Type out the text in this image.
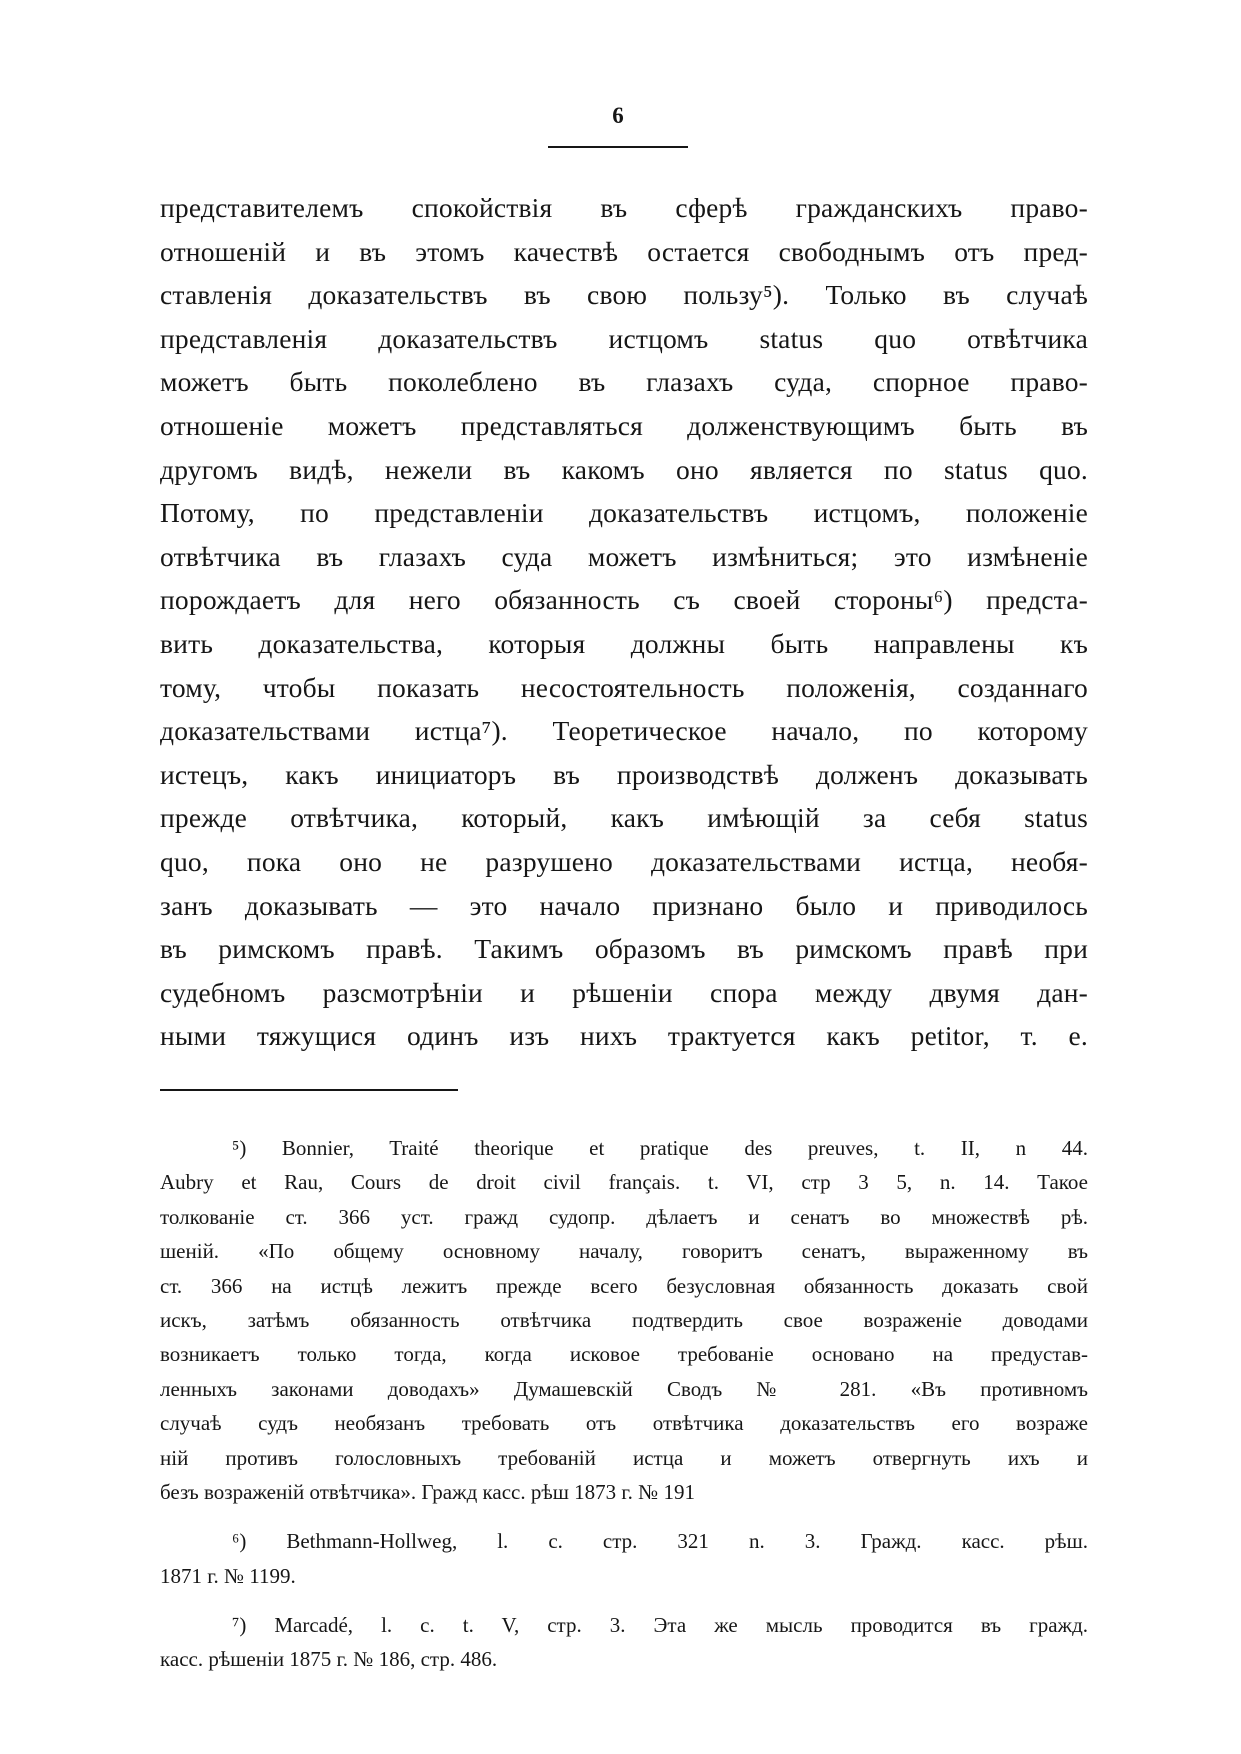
6
представителемъ спокойствія въ сферѣ гражданскихъ право-
отношеній и въ этомъ качествѣ остается свободнымъ отъ пред-
ставленія доказательствъ въ свою пользу⁵). Только въ случаѣ
представленія доказательствъ истцомъ status quo отвѣтчика
можетъ быть поколеблено въ глазахъ суда, спорное право-
отношеніе можетъ представляться долженствующимъ быть въ
другомъ видѣ, нежели въ какомъ оно является по status quo.
Потому, по представленіи доказательствъ истцомъ, положеніе
отвѣтчика въ глазахъ суда можетъ измѣниться; это измѣненіе
порождаетъ для него обязанность съ своей стороны⁶) предста-
вить доказательства, которыя должны быть направлены къ
тому, чтобы показать несостоятельность положенія, созданнаго
доказательствами истца⁷). Теоретическое начало, по которому
истецъ, какъ инициаторъ въ производствѣ долженъ доказывать
прежде отвѣтчика, который, какъ имѣющій за себя status
quo, пока оно не разрушено доказательствами истца, необя-
занъ доказывать — это начало признано было и приводилось
въ римскомъ правѣ. Такимъ образомъ въ римскомъ правѣ при
судебномъ разсмотрѣніи и рѣшеніи спора между двумя дан-
ными тяжущися одинъ изъ нихъ трактуется какъ petitor, т. е.
⁵) Bonnier, Traité theorique et pratique des preuves, t. II, n 44.
Aubry et Rau, Cours de droit civil français. t. VI, стр 3 5, n. 14. Такое
толкованіе ст. 366 уст. гражд судопр. дѣлаетъ и сенатъ во множествѣ рѣ.
шеній. «По общему основному началу, говоритъ сенатъ, выраженному въ
ст. 366 на истцѣ лежитъ прежде всего безусловная обязанность доказать свой
искъ, затѣмъ обязанность отвѣтчика подтвердить свое возраженіе доводами
возникаетъ только тогда, когда исковое требованіе основано на предустав-
ленныхъ законами доводахъ» Думашевскій Сводъ № 281. «Въ противномъ
случаѣ судъ необязанъ требовать отъ отвѣтчика доказательствъ его возраже
ній противъ голословныхъ требованій истца и можетъ отвергнуть ихъ и
безъ возраженій отвѣтчика». Гражд касс. рѣш 1873 г. № 191
⁶) Bethmann-Hollweg, l. c. стр. 321 n. 3. Гражд. касс. рѣш.
1871 г. № 1199.
⁷) Marcadé, l. c. t. V, стр. 3. Эта же мысль проводится въ гражд.
касс. рѣшеніи 1875 г. № 186, стр. 486.
